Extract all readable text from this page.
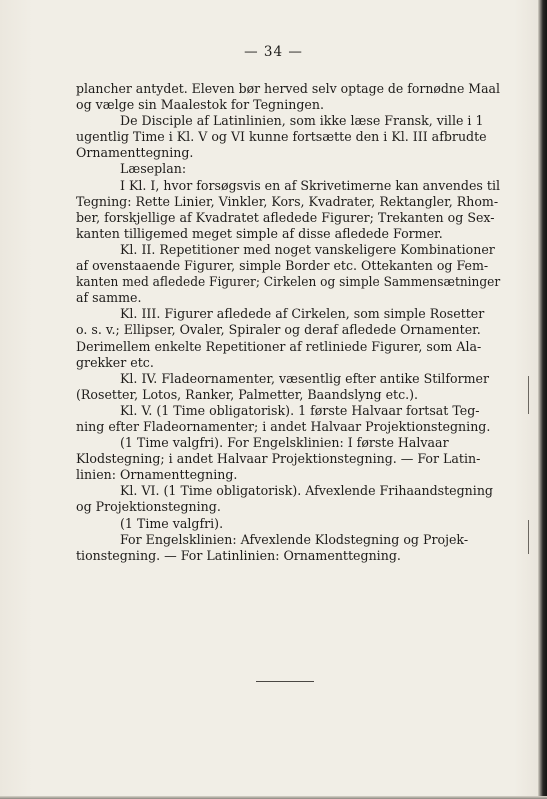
— 34 —
plancher antydet. Eleven bør herved selv optage de fornødne Maal
og vælge sin Maalestok for Tegningen.
De Disciple af Latinlinien, som ikke læse Fransk, ville i 1
ugentlig Time i Kl. V og VI kunne fortsætte den i Kl. III afbrudte
Ornamenttegning.
Læseplan:
I Kl. I, hvor forsøgsvis en af Skrivetimerne kan anvendes til
Tegning: Rette Linier, Vinkler, Kors, Kvadrater, Rektangler, Rhom-
ber, forskjellige af Kvadratet afledede Figurer; Trekanten og Sex-
kanten tilligemed meget simple af disse afledede Former.
Kl. II. Repetitioner med noget vanskeligere Kombinationer
af ovenstaaende Figurer, simple Border etc. Ottekanten og Fem-
kanten med afledede Figurer; Cirkelen og simple Sammensætninger
af samme.
Kl. III. Figurer afledede af Cirkelen, som simple Rosetter
o. s. v.; Ellipser, Ovaler, Spiraler og deraf afledede Ornamenter.
Derimellem enkelte Repetitioner af retliniede Figurer, som Ala-
grekker etc.
Kl. IV. Fladeornamenter, væsentlig efter antike Stilformer
(Rosetter, Lotos, Ranker, Palmetter, Baandslyng etc.).
Kl. V. (1 Time obligatorisk). 1 første Halvaar fortsat Teg-
ning efter Fladeornamenter; i andet Halvaar Projektionstegning.
(1 Time valgfri). For Engelsklinien: I første Halvaar
Klodstegning; i andet Halvaar Projektionstegning. — For Latin-
linien: Ornamenttegning.
Kl. VI. (1 Time obligatorisk). Afvexlende Frihaandstegning
og Projektionstegning.
(1 Time valgfri).
For Engelsklinien: Afvexlende Klodstegning og Projek-
tionstegning. — For Latinlinien: Ornamenttegning.
